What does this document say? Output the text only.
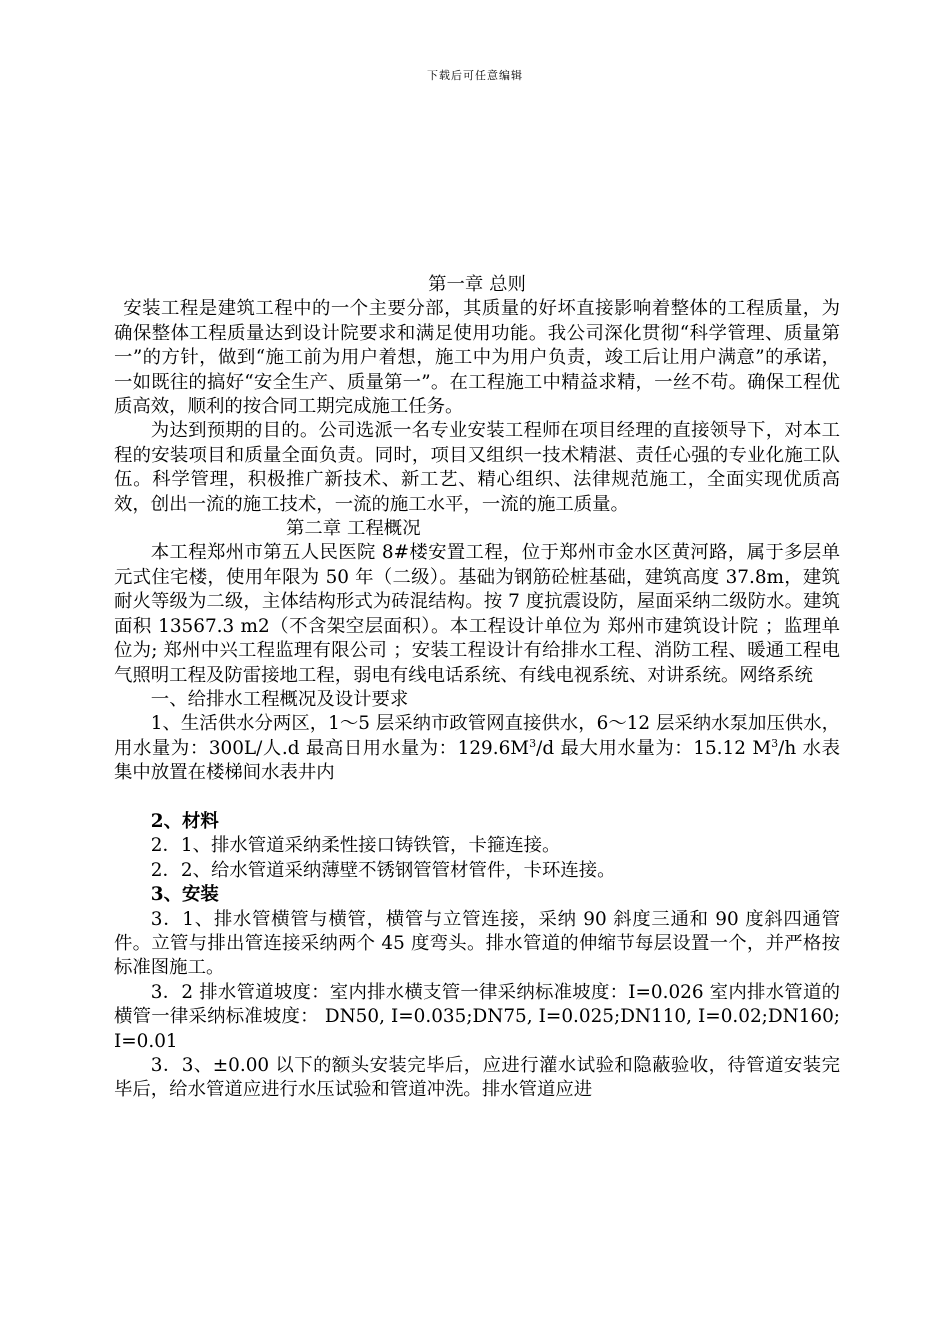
下载后可任意编辑

第一章 总则

安装工程是建筑工程中的一个主要分部，其质量的好坏直接影响着整体的工程质量，为确保整体工程质量达到设计院要求和满足使用功能。我公司深化贯彻“科学管理、质量第一”的方针，做到“施工前为用户着想，施工中为用户负责，竣工后让用户满意”的承诺，一如既往的搞好“安全生产、质量第一”。在工程施工中精益求精，一丝不苟。确保工程优质高效，顺利的按合同工期完成施工任务。

为达到预期的目的。公司选派一名专业安装工程师在项目经理的直接领导下，对本工程的安装项目和质量全面负责。同时，项目又组织一技术精湛、责任心强的专业化施工队伍。科学管理，积极推广新技术、新工艺、精心组织、法律规范施工，全面实现优质高效，创出一流的施工技术，一流的施工水平，一流的施工质量。

第二章 工程概况

本工程郑州市第五人民医院 8#楼安置工程，位于郑州市金水区黄河路，属于多层单元式住宅楼，使用年限为 50 年（二级）。基础为钢筋砼桩基础，建筑高度 37.8m，建筑耐火等级为二级，主体结构形式为砖混结构。按 7 度抗震设防，屋面采纳二级防水。建筑面积 13567.3 m2（不含架空层面积）。本工程设计单位为 郑州市建筑设计院 ；监理单位为; 郑州中兴工程监理有限公司 ；安装工程设计有给排水工程、消防工程、暖通工程电气照明工程及防雷接地工程，弱电有线电话系统、有线电视系统、对讲系统。网络系统

一、给排水工程概况及设计要求

1、生活供水分两区，1～5 层采纳市政管网直接供水，6～12 层采纳水泵加压供水，用水量为：300L/人.d 最高日用水量为：$129.6M^3/d$ 最大用水量为：15.12 $M^3/h$ 水表集中放置在楼梯间水表井内

2、材料

2．1、排水管道采纳柔性接口铸铁管，卡箍连接。

2．2、给水管道采纳薄壁不锈钢管管材管件，卡环连接。

3、安装

3．1、排水管横管与横管，横管与立管连接，采纳 90 斜度三通和 90 度斜四通管件。立管与排出管连接采纳两个 45 度弯头。排水管道的伸缩节每层设置一个，并严格按标准图施工。

3．2 排水管道坡度：室内排水横支管一律采纳标准坡度：I=0.026 室内排水管道的横管一律采纳标准坡度： DN50, I=0.035;DN75, I=0.025;DN110, I=0.02;DN160; I=0.01

3．3、±0.00 以下的额头安装完毕后，应进行灌水试验和隐蔽验收，待管道安装完毕后，给水管道应进行水压试验和管道冲洗。排水管道应进
